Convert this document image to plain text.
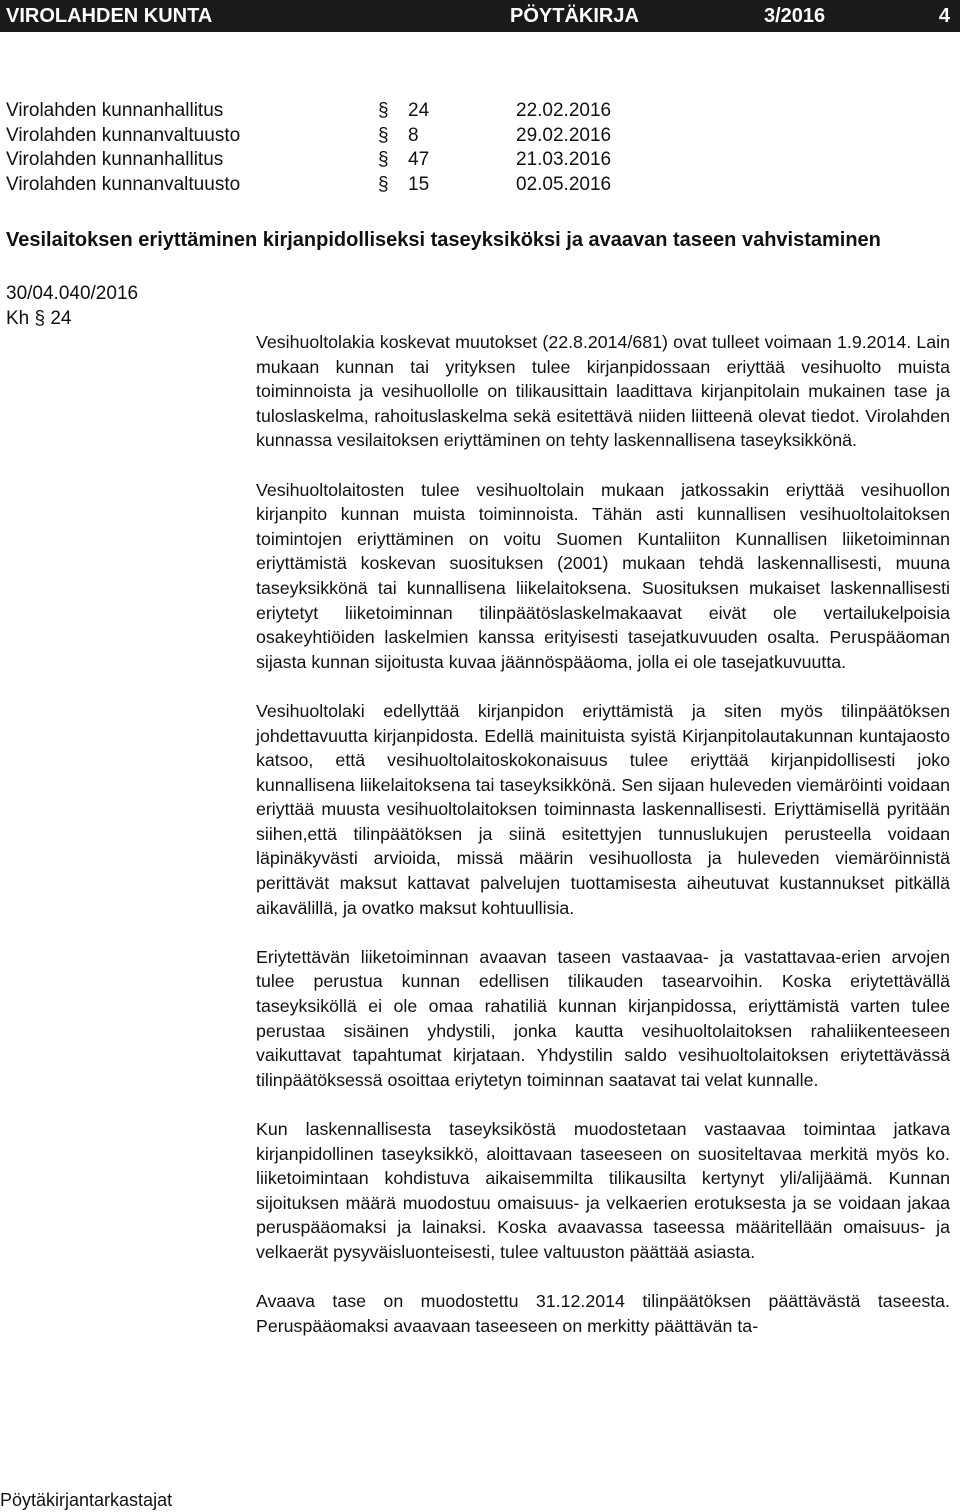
VIROLAHDEN KUNTA	PÖYTÄKIRJA	3/2016	4
Virolahden kunnanhallitus	§ 24	22.02.2016
Virolahden kunnanvaltuusto	§ 8	29.02.2016
Virolahden kunnanhallitus	§ 47	21.03.2016
Virolahden kunnanvaltuusto	§ 15	02.05.2016
Vesilaitoksen eriyttäminen kirjanpidolliseksi taseyksiköksi ja avaavan taseen vahvistaminen
30/04.040/2016
Kh § 24

Vesihuoltolakia koskevat muutokset (22.8.2014/681) ovat tulleet voimaan 1.9.2014. Lain mukaan kunnan tai yrityksen tulee kirjanpidossaan eriyttää vesihuolto muista toiminnoista ja vesihuollolle on tilikausittain laadittava kirjanpitolain mukainen tase ja tuloslaskelma, rahoituslaskelma sekä esitettävä niiden liitteenä olevat tiedot. Virolahden kunnassa vesilaitoksen eriyttäminen on tehty laskennallisena taseyksikkönä.

Vesihuoltolaitosten tulee vesihuoltolain mukaan jatkossakin eriyttää vesihuollon kirjanpito kunnan muista toiminnoista. Tähän asti kunnallisen vesihuoltolaitoksen toimintojen eriyttäminen on voitu Suomen Kuntaliiton Kunnallisen liiketoiminnan eriyttämistä koskevan suosituksen (2001) mukaan tehdä laskennallisesti, muuna taseyksikkönä tai kunnallisena liikelaitoksena. Suosituksen mukaiset laskennallisesti eriytetyt liiketoiminnan tilinpäätöslaskelmakaavat eivät ole vertailukelpoisia osakeyhtiöiden laskelmien kanssa erityisesti tasejatkuvuuden osalta. Peruspääoman sijasta kunnan sijoitusta kuvaa jäännöspääoma, jolla ei ole tasejatkuvuutta.

Vesihuoltolaki edellyttää kirjanpidon eriyttämistä ja siten myös tilinpäätöksen johdettavuutta kirjanpidosta. Edellä mainituista syistä Kirjanpitolautakunnan kuntajaosto katsoo, että vesihuoltolaitoskokonaisuus tulee eriyttää kirjanpidollisesti joko kunnallisena liikelaitoksena tai taseyksikkönä. Sen sijaan huleveden viemäröinti voidaan eriyttää muusta vesihuoltolaitoksen toiminnasta laskennallisesti. Eriyttämisellä pyritään siihen,että tilinpäätöksen ja siinä esitettyjen tunnuslukujen perusteella voidaan läpinäkyvästi arvioida, missä määrin vesihuollosta ja huleveden viemäröinnistä perittävät maksut kattavat palvelujen tuottamisesta aiheutuvat kustannukset pitkällä aikavälillä, ja ovatko maksut kohtuullisia.

Eriytettävän liiketoiminnan avaavan taseen vastaavaa- ja vastattavaa-erien arvojen tulee perustua kunnan edellisen tilikauden tasearvoihin. Koska eriytettävällä taseyksiköllä ei ole omaa rahatiliä kunnan kirjanpidossa, eriyttämistä varten tulee perustaa sisäinen yhdystili, jonka kautta vesihuoltolaitoksen rahaliikenteeseen vaikuttavat tapahtumat kirjataan. Yhdystilin saldo vesihuoltolaitoksen eriytettävässä tilinpäätöksessä osoittaa eriytetyn toiminnan saatavat tai velat kunnalle.

Kun laskennallisesta taseyksiköstä muodostetaan vastaavaa toimintaa jatkava kirjanpidollinen taseyksikkö, aloittavaan taseeseen on suositeltavaa merkitä myös ko. liiketoimintaan kohdistuva aikaisemmilta tilikausilta kertynyt yli/alijäämä. Kunnan sijoituksen määrä muodostuu omaisuus- ja velkaerien erotuksesta ja se voidaan jakaa peruspääomaksi ja lainaksi. Koska avaavassa taseessa määritellään omaisuus- ja velkaerät pysyväisluonteisesti, tulee valtuuston päättää asiasta.

Avaava tase on muodostettu 31.12.2014 tilinpäätöksen päättävästä taseesta. Peruspääomaksi avaavaan taseeseen on merkitty päättävän ta-

Pöytäkirjantarkastajat
